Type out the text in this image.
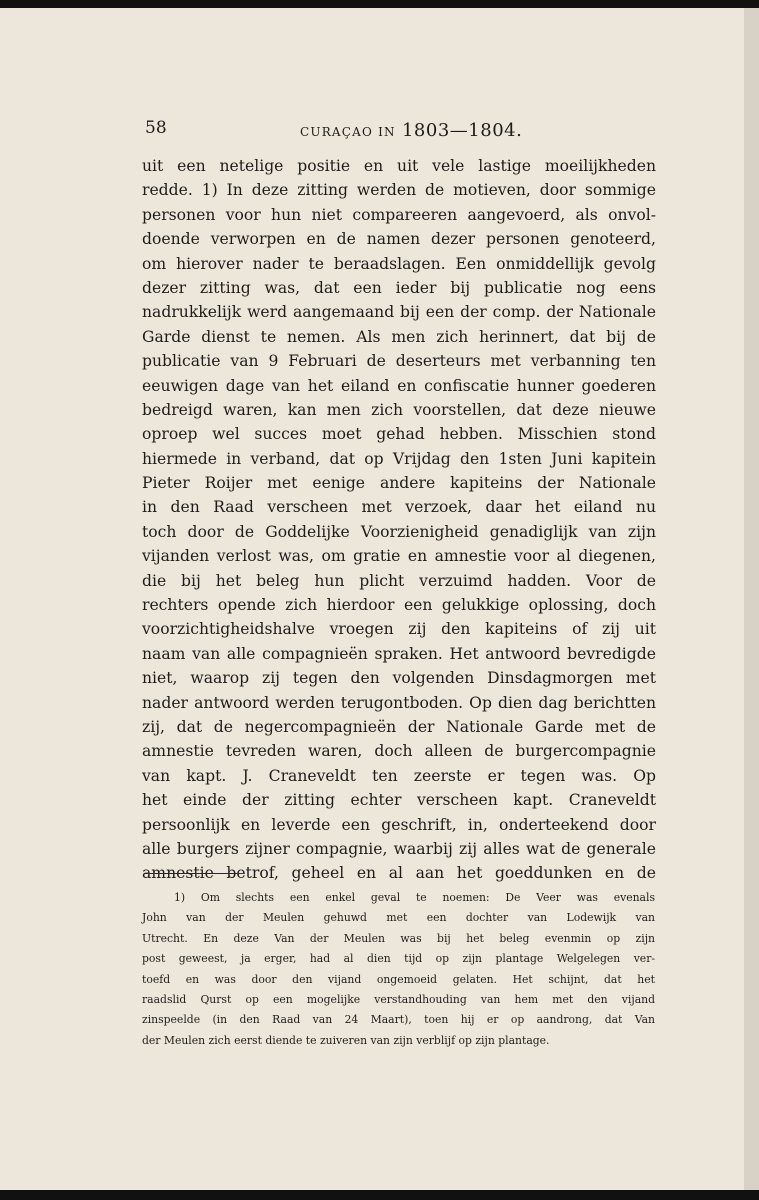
58	CURAÇAO IN 1803—1804.
uit een netelige positie en uit vele lastige moeilijkheden
redde. 1) In deze zitting werden de motieven, door sommige
personen voor hun niet compareeren aangevoerd, als onvol-
doende verworpen en de namen dezer personen genoteerd,
om hierover nader te beraadslagen. Een onmiddellijk gevolg
dezer zitting was, dat een ieder bij publicatie nog eens
nadrukkelijk werd aangemaand bij een der comp. der Nationale
Garde dienst te nemen. Als men zich herinnert, dat bij de
publicatie van 9 Februari de deserteurs met verbanning ten
eeuwigen dage van het eiland en confiscatie hunner goederen
bedreigd waren, kan men zich voorstellen, dat deze nieuwe
oproep wel succes moet gehad hebben. Misschien stond
hiermede in verband, dat op Vrijdag den 1sten Juni kapitein
Pieter Roijer met eenige andere kapiteins der Nationale
in den Raad verscheen met verzoek, daar het eiland nu
toch door de Goddelijke Voorzienigheid genadiglijk van zijn
vijanden verlost was, om gratie en amnestie voor al diegenen,
die bij het beleg hun plicht verzuimd hadden. Voor de
rechters opende zich hierdoor een gelukkige oplossing, doch
voorzichtigheidshalve vroegen zij den kapiteins of zij uit
naam van alle compagnieën spraken. Het antwoord bevredigde
niet, waarop zij tegen den volgenden Dinsdagmorgen met
nader antwoord werden terugontboden. Op dien dag berichtten
zij, dat de negercompagnieën der Nationale Garde met de
amnestie tevreden waren, doch alleen de burgercompagnie
van kapt. J. Craneveldt ten zeerste er tegen was. Op
het einde der zitting echter verscheen kapt. Craneveldt
persoonlijk en leverde een geschrift, in, onderteekend door
alle burgers zijner compagnie, waarbij zij alles wat de generale
amnestie betrof, geheel en al aan het goeddunken en de
1) Om slechts een enkel geval te noemen: De Veer was evenals
John van der Meulen gehuwd met een dochter van Lodewijk van
Utrecht. En deze Van der Meulen was bij het beleg evenmin op zijn
post geweest, ja erger, had al dien tijd op zijn plantage Welgelegen ver-
toefd en was door den vijand ongemoeid gelaten. Het schijnt, dat het
raadslid Qurst op een mogelijke verstandhouding van hem met den vijand
zinspeelde (in den Raad van 24 Maart), toen hij er op aandrong, dat Van
der Meulen zich eerst diende te zuiveren van zijn verblijf op zijn plantage.
